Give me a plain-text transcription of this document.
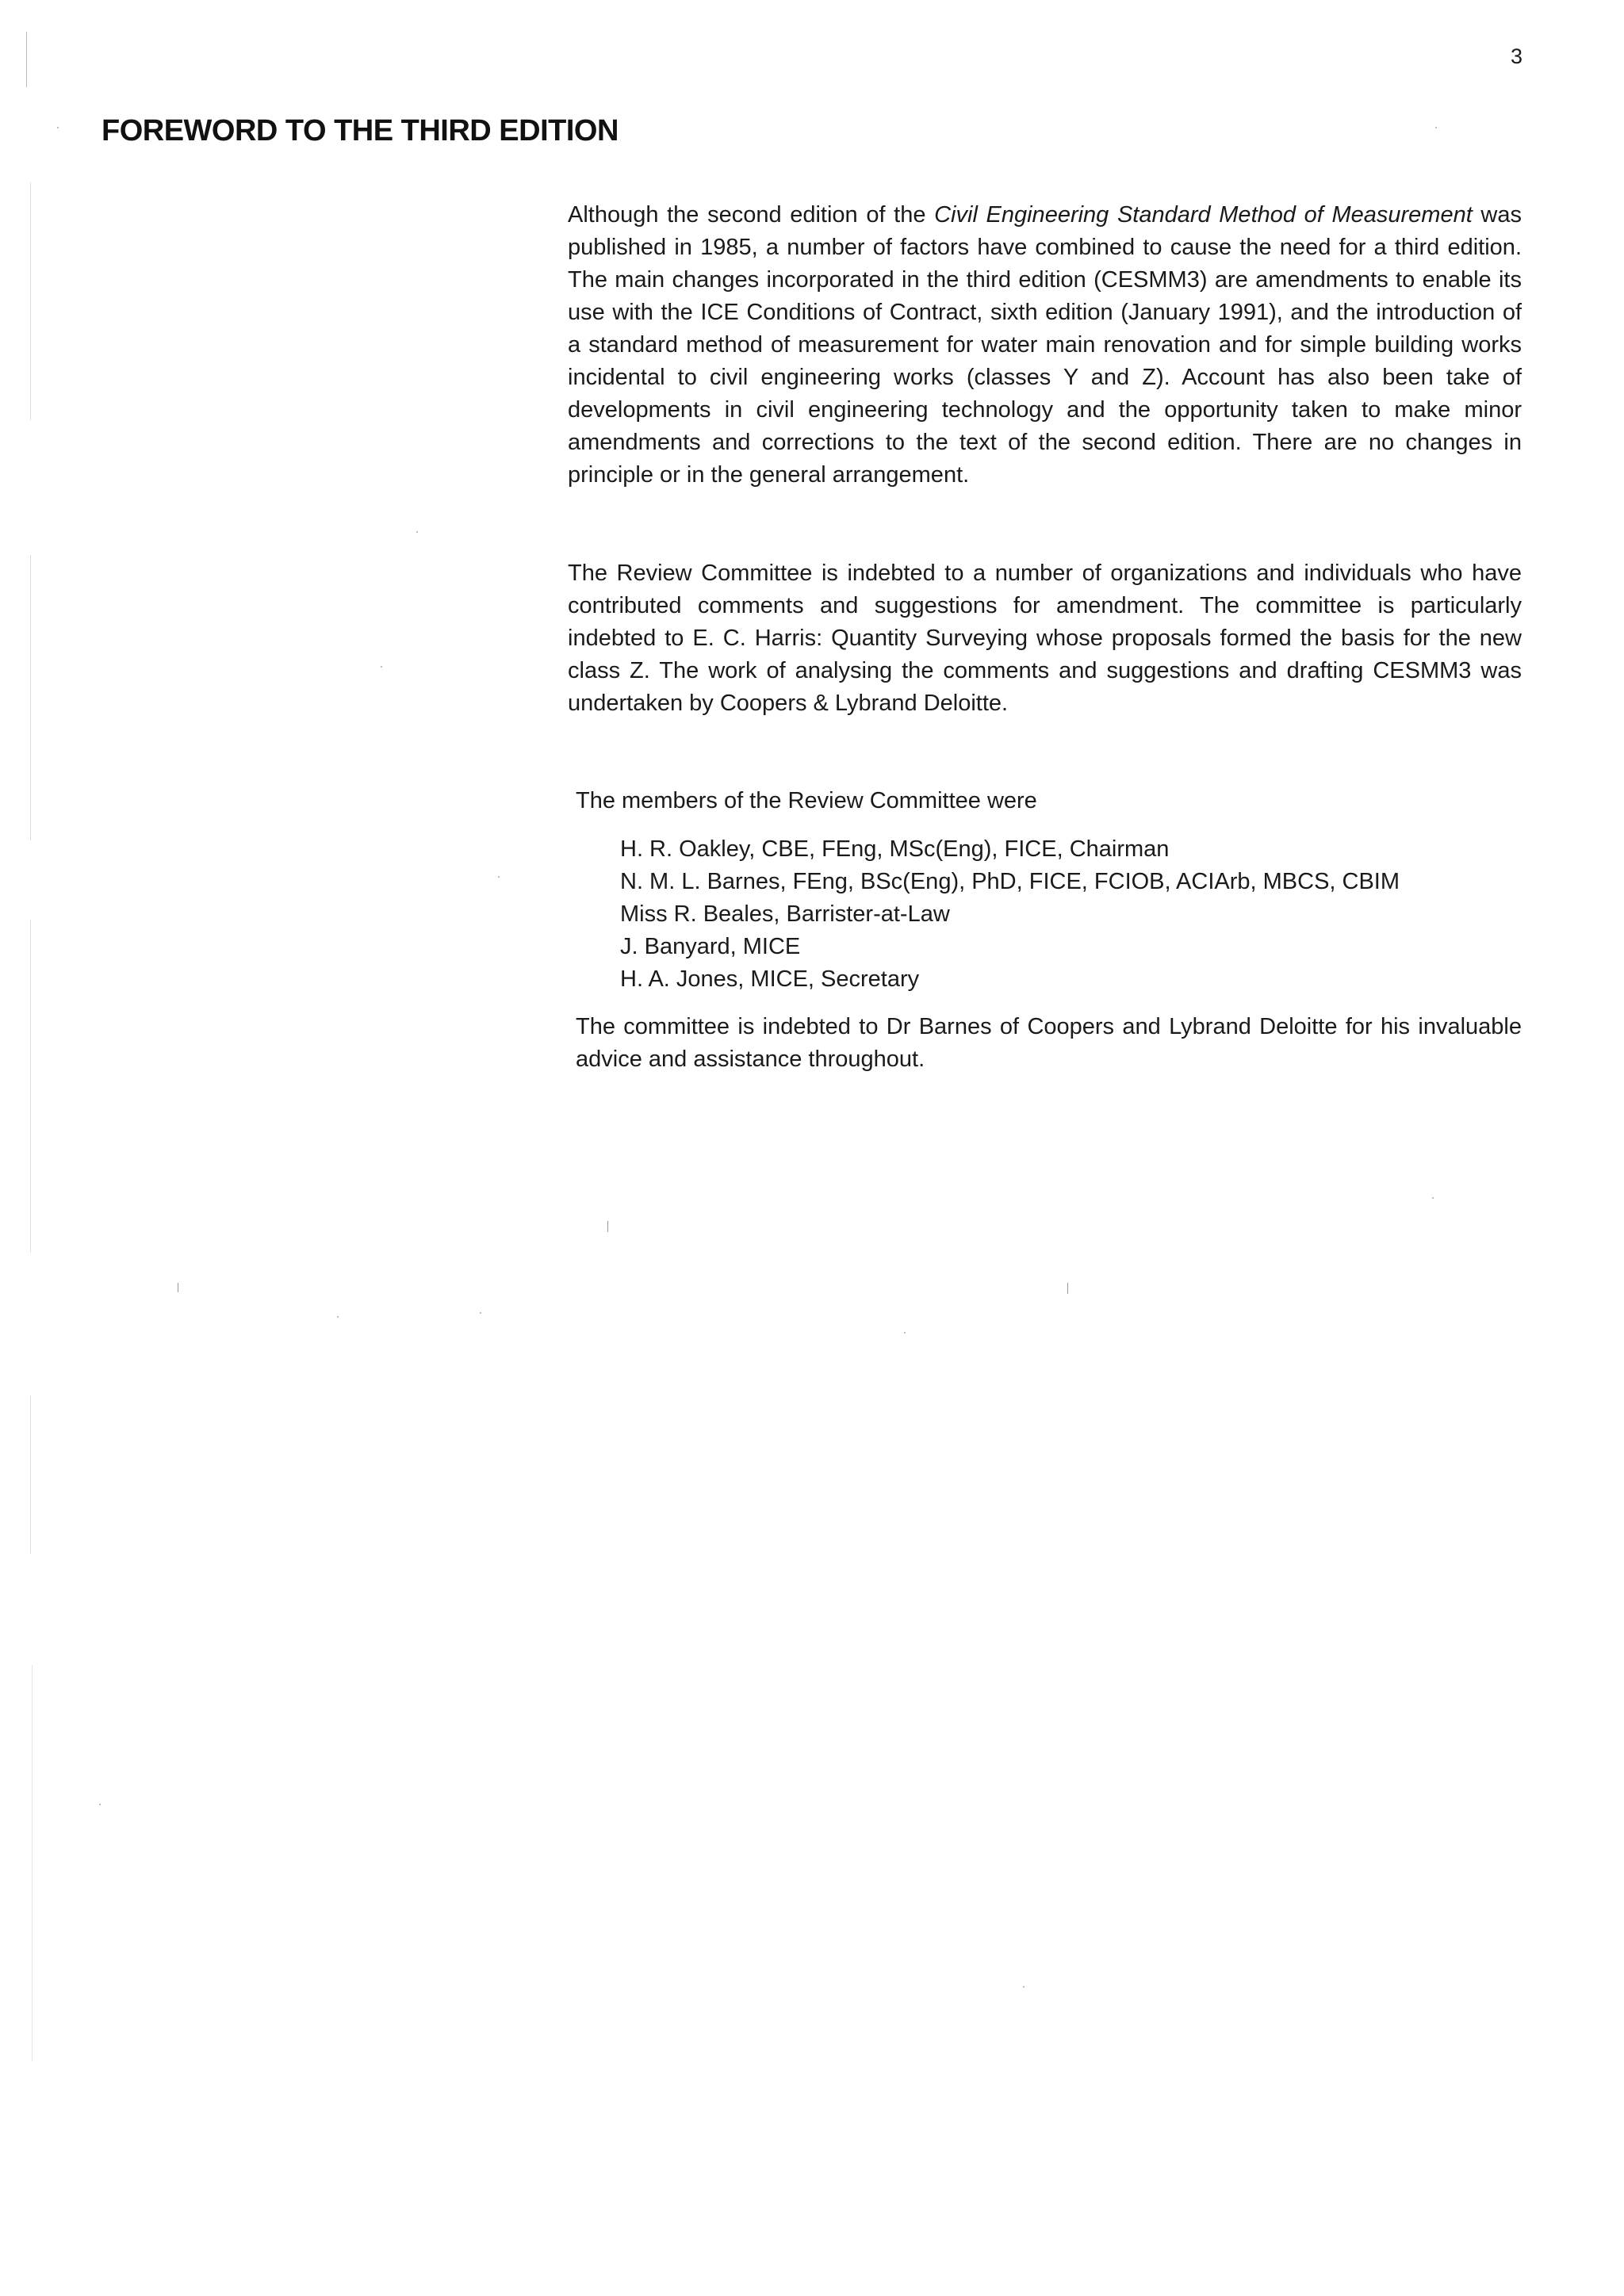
3
FOREWORD TO THE THIRD EDITION

Although the second edition of the Civil Engineering Standard Method of Measurement was published in 1985, a number of factors have combined to cause the need for a third edition. The main changes incorporated in the third edition (CESMM3) are amendments to enable its use with the ICE Conditions of Contract, sixth edition (January 1991), and the introduction of a standard method of measurement for water main renovation and for simple building works incidental to civil engineering works (classes Y and Z). Account has also been take of developments in civil engineering technology and the opportunity taken to make minor amendments and corrections to the text of the second edition. There are no changes in principle or in the general arrangement.

The Review Committee is indebted to a number of organizations and individuals who have contributed comments and suggestions for amendment. The committee is particularly indebted to E. C. Harris: Quantity Surveying whose proposals formed the basis for the new class Z. The work of analysing the comments and suggestions and drafting CESMM3 was undertaken by Coopers & Lybrand Deloitte.

The members of the Review Committee were

H. R. Oakley, CBE, FEng, MSc(Eng), FICE, Chairman
N. M. L. Barnes, FEng, BSc(Eng), PhD, FICE, FCIOB, ACIArb, MBCS, CBIM
Miss R. Beales, Barrister-at-Law
J. Banyard, MICE
H. A. Jones, MICE, Secretary

The committee is indebted to Dr Barnes of Coopers and Lybrand Deloitte for his invaluable advice and assistance throughout.
